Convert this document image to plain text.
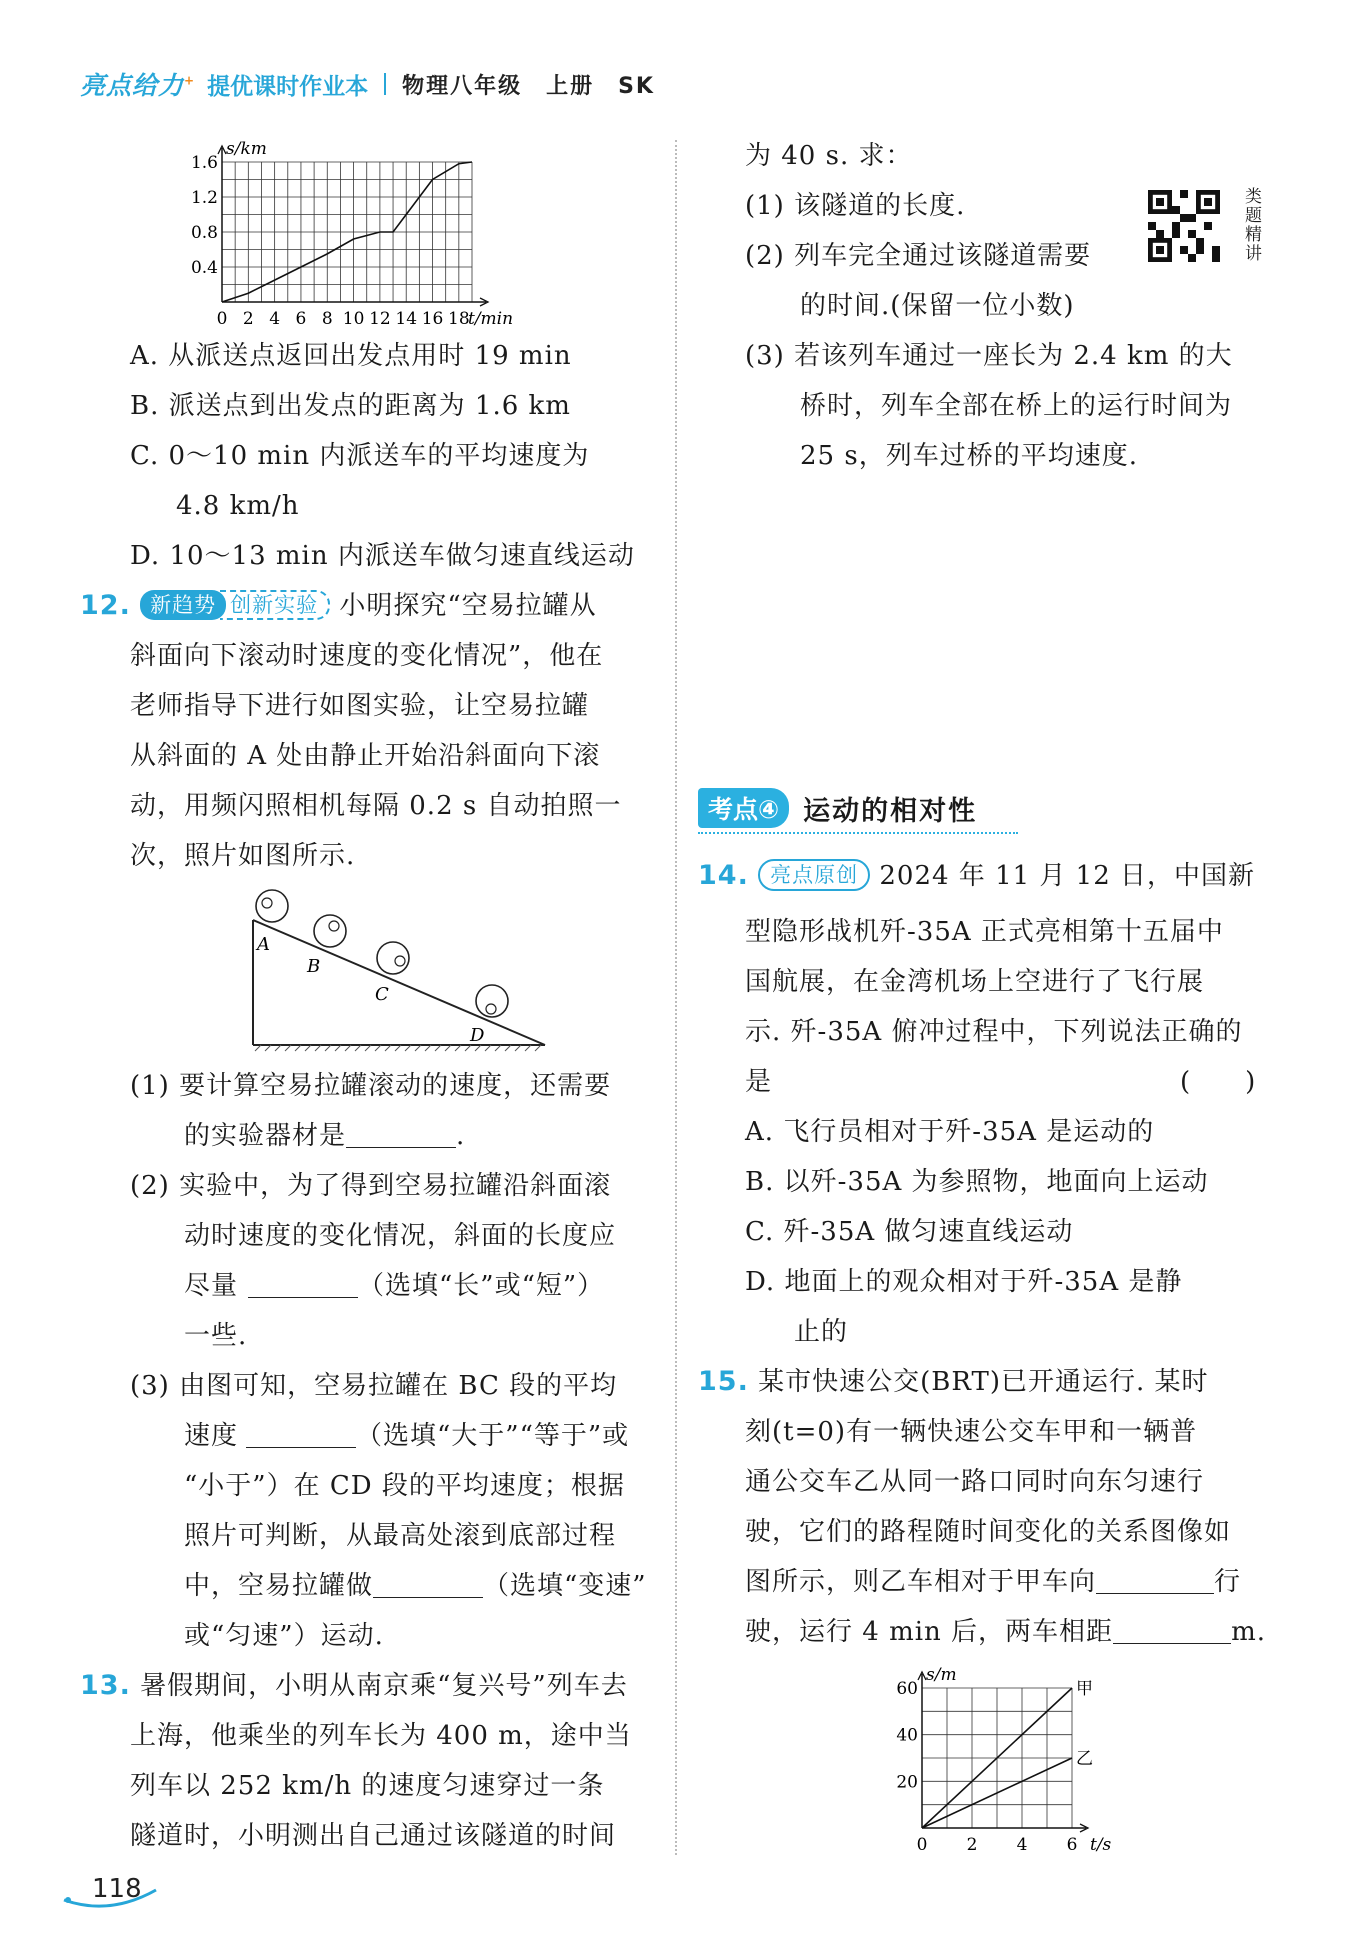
亮点给力+ 提优课时作业本 物理八年级　上册　SK
0 2 4 6 8 10 12 14 16 18
0.4
0.8
1.2
1.6
s/km
t/min
A. 从派送点返回出发点用时 19 min
B. 派送点到出发点的距离为 1.6 km
C. 0～10 min 内派送车的平均速度为
4.8 km/h
D. 10～13 min 内派送车做匀速直线运动
12. 新趋势 创新实验 小明探究“空易拉罐从
斜面向下滚动时速度的变化情况”，他在
老师指导下进行如图实验，让空易拉罐
从斜面的 A 处由静止开始沿斜面向下滚
动，用频闪照相机每隔 0.2 s 自动拍照一
次，照片如图所示.
A
B
C
D
(1) 要计算空易拉罐滚动的速度，还需要
的实验器材是	.
(2) 实验中，为了得到空易拉罐沿斜面滚
动时速度的变化情况，斜面的长度应
尽量	（选填“长”或“短”）
一些.
(3) 由图可知，空易拉罐在 BC 段的平均
速度	（选填“大于”“等于”或
“小于”）在 CD 段的平均速度；根据
照片可判断，从最高处滚到底部过程
中，空易拉罐做	（选填“变速”
或“匀速”）运动.
13. 暑假期间，小明从南京乘“复兴号”列车去
上海，他乘坐的列车长为 400 m，途中当
列车以 252 km/h 的速度匀速穿过一条
隧道时，小明测出自己通过该隧道的时间
为 40 s. 求：
(1) 该隧道的长度.
(2) 列车完全通过该隧道需要
的时间.(保留一位小数)
(3) 若该列车通过一座长为 2.4 km 的大
桥时，列车全部在桥上的运行时间为
25 s，列车过桥的平均速度.
类题精讲
考点④ 运动的相对性
14. 亮点原创 2024 年 11 月 12 日，中国新
型隐形战机歼-35A 正式亮相第十五届中
国航展，在金湾机场上空进行了飞行展
示. 歼-35A 俯冲过程中，下列说法正确的
是	(　　)
A. 飞行员相对于歼-35A 是运动的
B. 以歼-35A 为参照物，地面向上运动
C. 歼-35A 做匀速直线运动
D. 地面上的观众相对于歼-35A 是静
止的
15. 某市快速公交(BRT)已开通运行. 某时
刻(t=0)有一辆快速公交车甲和一辆普
通公交车乙从同一路口同时向东匀速行
驶，它们的路程随时间变化的关系图像如
图所示，则乙车相对于甲车向	行
驶，运行 4 min 后，两车相距	m.
0 2 4 6
20
40
60
s/m
t/s
甲
乙
118
